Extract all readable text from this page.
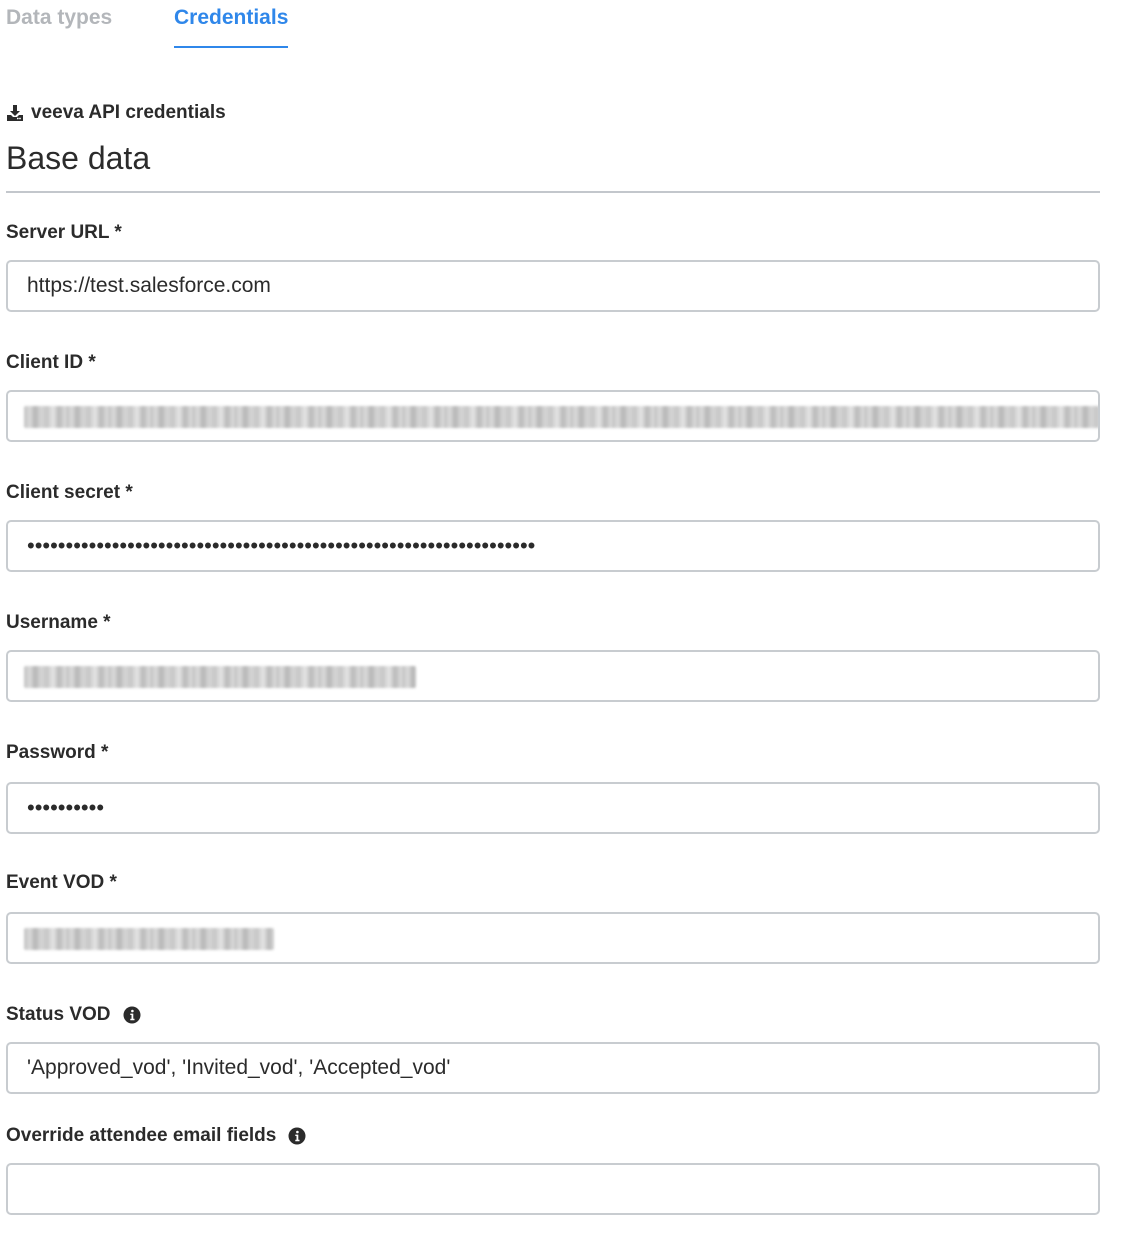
Data types	Credentials
veeva API credentials
Base data
Server URL *
https://test.salesforce.com
Client ID *
Client secret *
••••••••••••••••••••••••••••••••••••••••••••••••••••••••••••••••••
Username *
Password *
••••••••••
Event VOD *
Status VOD
'Approved_vod', 'Invited_vod', 'Accepted_vod'
Override attendee email fields
